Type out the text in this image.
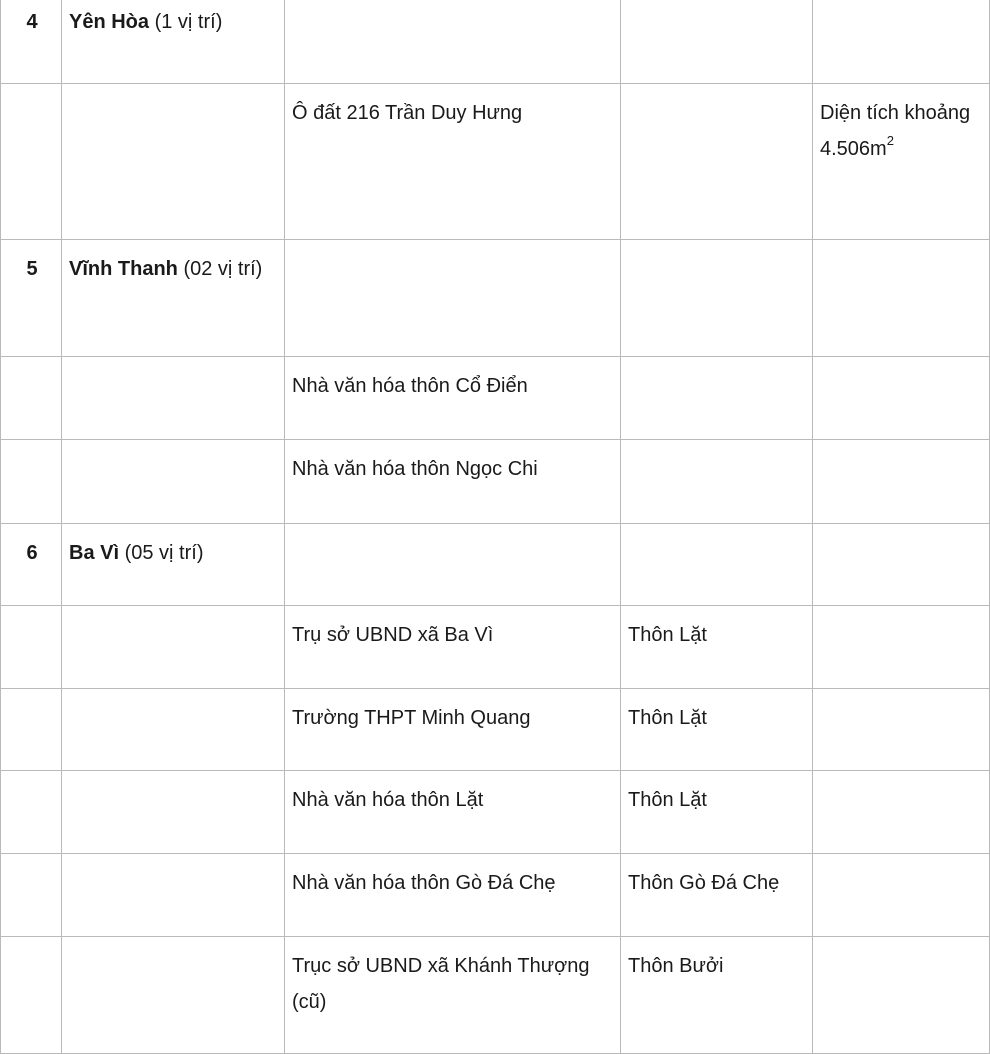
4	Yên Hòa (1 vị trí)			
		Ô đất 216 Trần Duy Hưng		Diện tích khoảng $4.506m^2$
5	Vĩnh Thanh (02 vị trí)			
		Nhà văn hóa thôn Cổ Điển		
		Nhà văn hóa thôn Ngọc Chi		
6	Ba Vì (05 vị trí)			
		Trụ sở UBND xã Ba Vì	Thôn Lặt	
		Trường THPT Minh Quang	Thôn Lặt	
		Nhà văn hóa thôn Lặt	Thôn Lặt	
		Nhà văn hóa thôn Gò Đá Chẹ	Thôn Gò Đá Chẹ	
		Trục sở UBND xã Khánh Thượng (cũ)	Thôn Bưởi	
